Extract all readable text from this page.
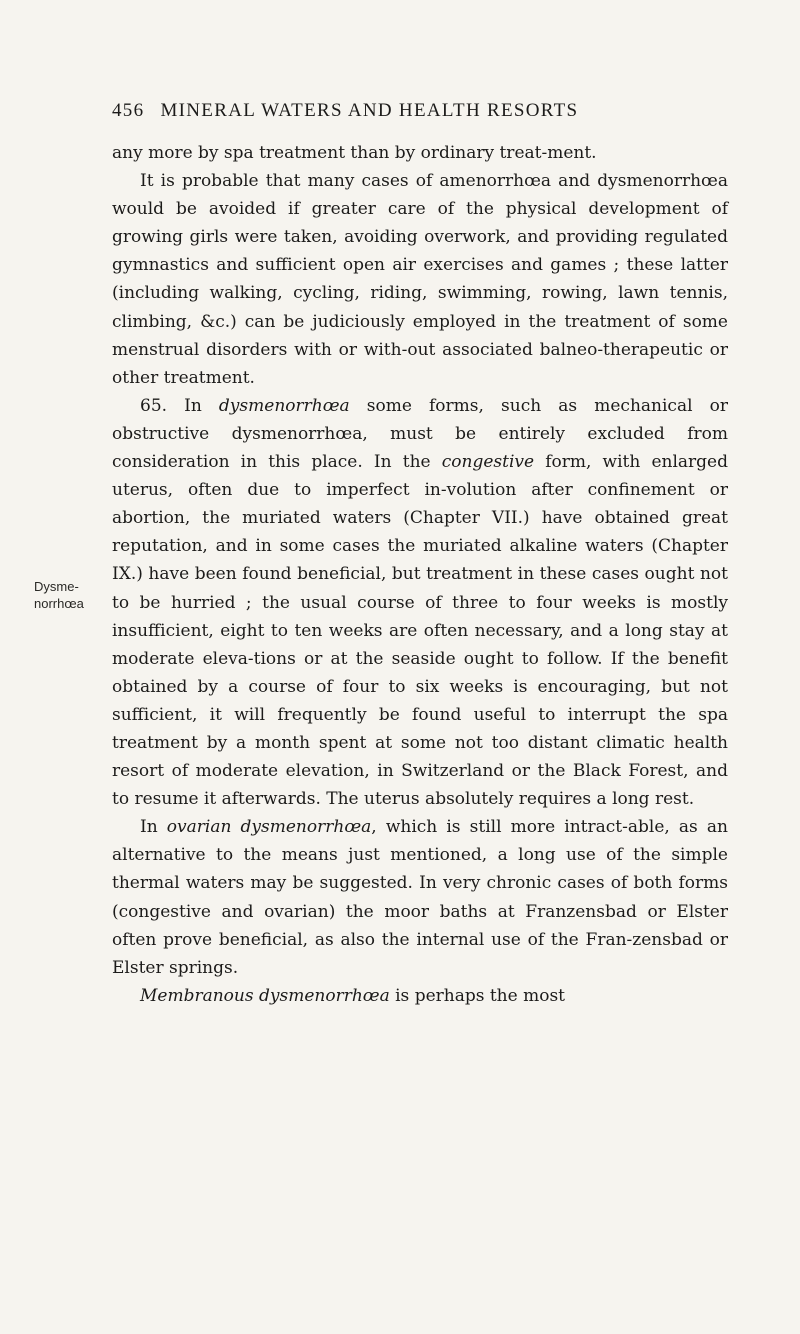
456 MINERAL WATERS AND HEALTH RESORTS
Dysme-
norrhœa

any more by spa treatment than by ordinary treat-ment.

It is probable that many cases of amenorrhœa and dysmenorrhœa would be avoided if greater care of the physical development of growing girls were taken, avoiding overwork, and providing regulated gymnastics and sufficient open air exercises and games ; these latter (including walking, cycling, riding, swimming, rowing, lawn tennis, climbing, &c.) can be judiciously employed in the treatment of some menstrual disorders with or with-out associated balneo-therapeutic or other treatment.

65. In dysmenorrhœa some forms, such as mechanical or obstructive dysmenorrhœa, must be entirely excluded from consideration in this place. In the congestive form, with enlarged uterus, often due to imperfect in-volution after confinement or abortion, the muriated waters (Chapter VII.) have obtained great reputation, and in some cases the muriated alkaline waters (Chapter IX.) have been found beneficial, but treatment in these cases ought not to be hurried ; the usual course of three to four weeks is mostly insufficient, eight to ten weeks are often necessary, and a long stay at moderate eleva-tions or at the seaside ought to follow. If the benefit obtained by a course of four to six weeks is encouraging, but not sufficient, it will frequently be found useful to interrupt the spa treatment by a month spent at some not too distant climatic health resort of moderate elevation, in Switzerland or the Black Forest, and to resume it afterwards. The uterus absolutely requires a long rest.

In ovarian dysmenorrhœa, which is still more intract-able, as an alternative to the means just mentioned, a long use of the simple thermal waters may be suggested. In very chronic cases of both forms (congestive and ovarian) the moor baths at Franzensbad or Elster often prove beneficial, as also the internal use of the Fran-zensbad or Elster springs.

Membranous dysmenorrhœa is perhaps the most
